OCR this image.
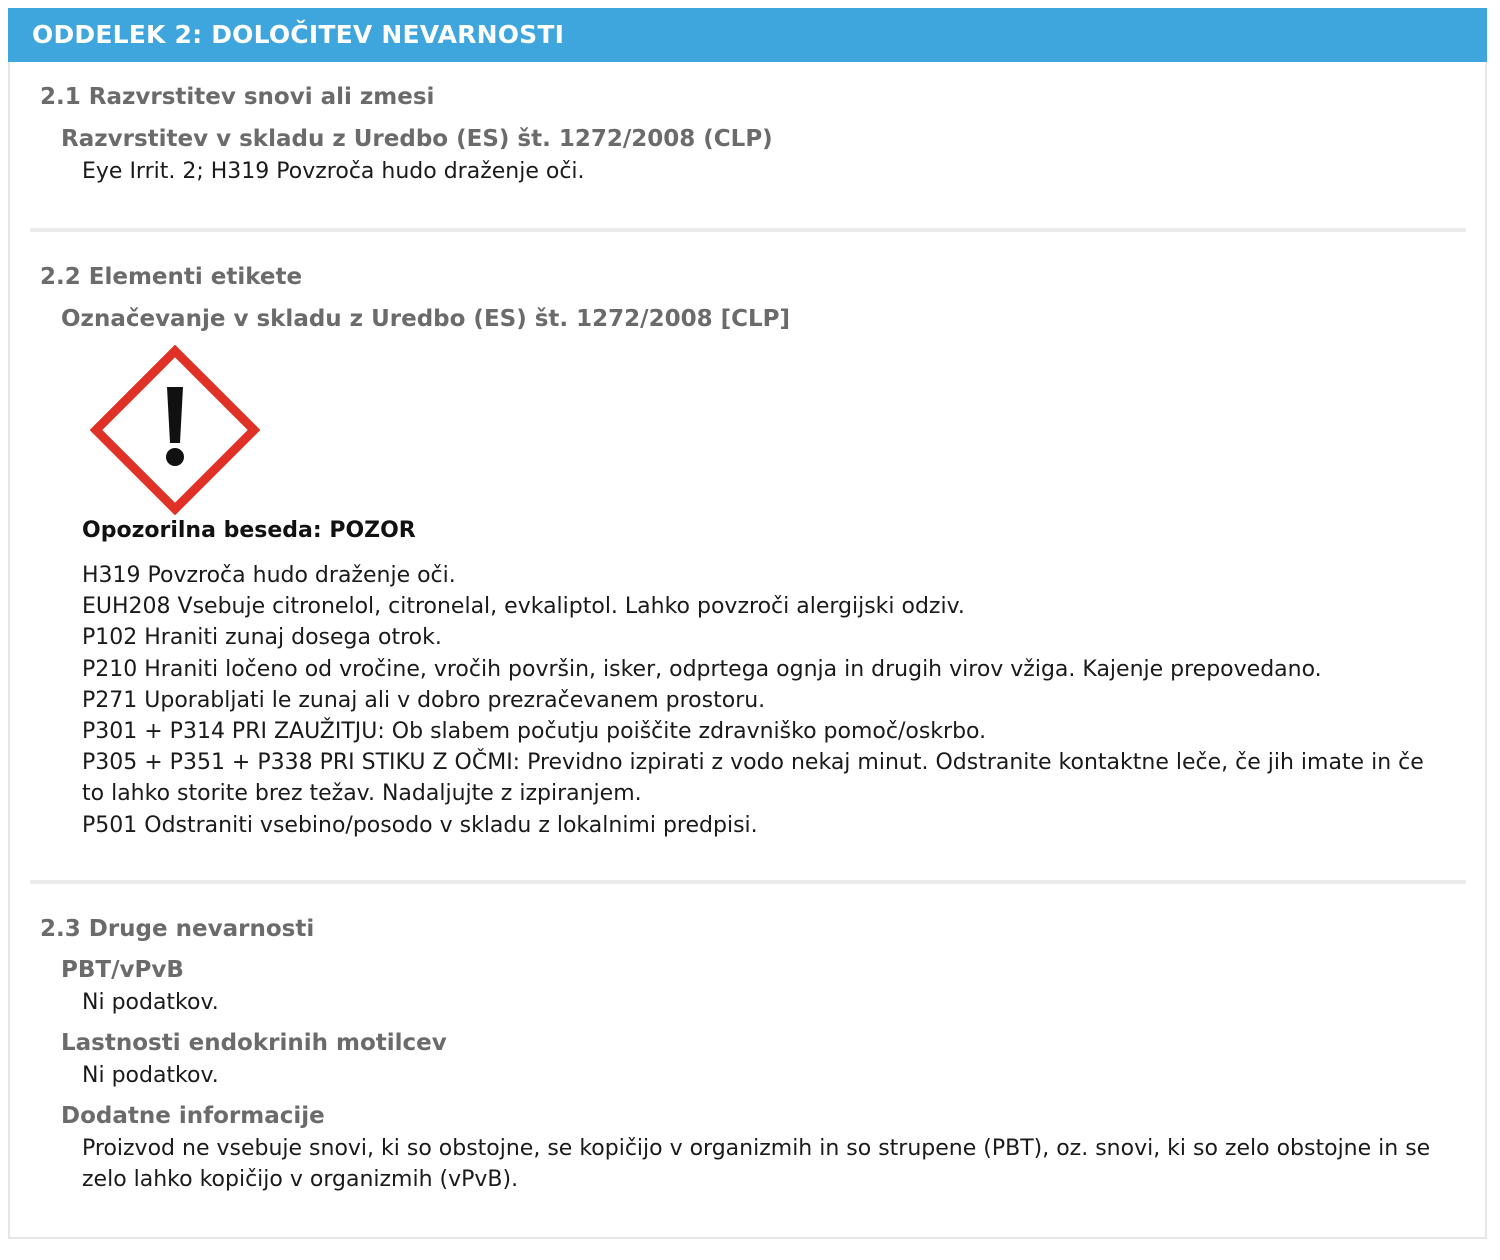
ODDELEK 2: DOLOČITEV NEVARNOSTI
2.1 Razvrstitev snovi ali zmesi
Razvrstitev v skladu z Uredbo (ES) št. 1272/2008 (CLP)
Eye Irrit. 2; H319 Povzroča hudo draženje oči.
2.2 Elementi etikete
Označevanje v skladu z Uredbo (ES) št. 1272/2008 [CLP]
Opozorilna beseda: POZOR
H319 Povzroča hudo draženje oči.
EUH208 Vsebuje citronelol, citronelal, evkaliptol. Lahko povzroči alergijski odziv.
P102 Hraniti zunaj dosega otrok.
P210 Hraniti ločeno od vročine, vročih površin, isker, odprtega ognja in drugih virov vžiga. Kajenje prepovedano.
P271 Uporabljati le zunaj ali v dobro prezračevanem prostoru.
P301 + P314 PRI ZAUŽITJU: Ob slabem počutju poiščite zdravniško pomoč/oskrbo.
P305 + P351 + P338 PRI STIKU Z OČMI: Previdno izpirati z vodo nekaj minut. Odstranite kontaktne leče, če jih imate in če to lahko storite brez težav. Nadaljujte z izpiranjem.
P501 Odstraniti vsebino/posodo v skladu z lokalnimi predpisi.
2.3 Druge nevarnosti
PBT/vPvB
Ni podatkov.
Lastnosti endokrinih motilcev
Ni podatkov.
Dodatne informacije
Proizvod ne vsebuje snovi, ki so obstojne, se kopičijo v organizmih in so strupene (PBT), oz. snovi, ki so zelo obstojne in se zelo lahko kopičijo v organizmih (vPvB).
